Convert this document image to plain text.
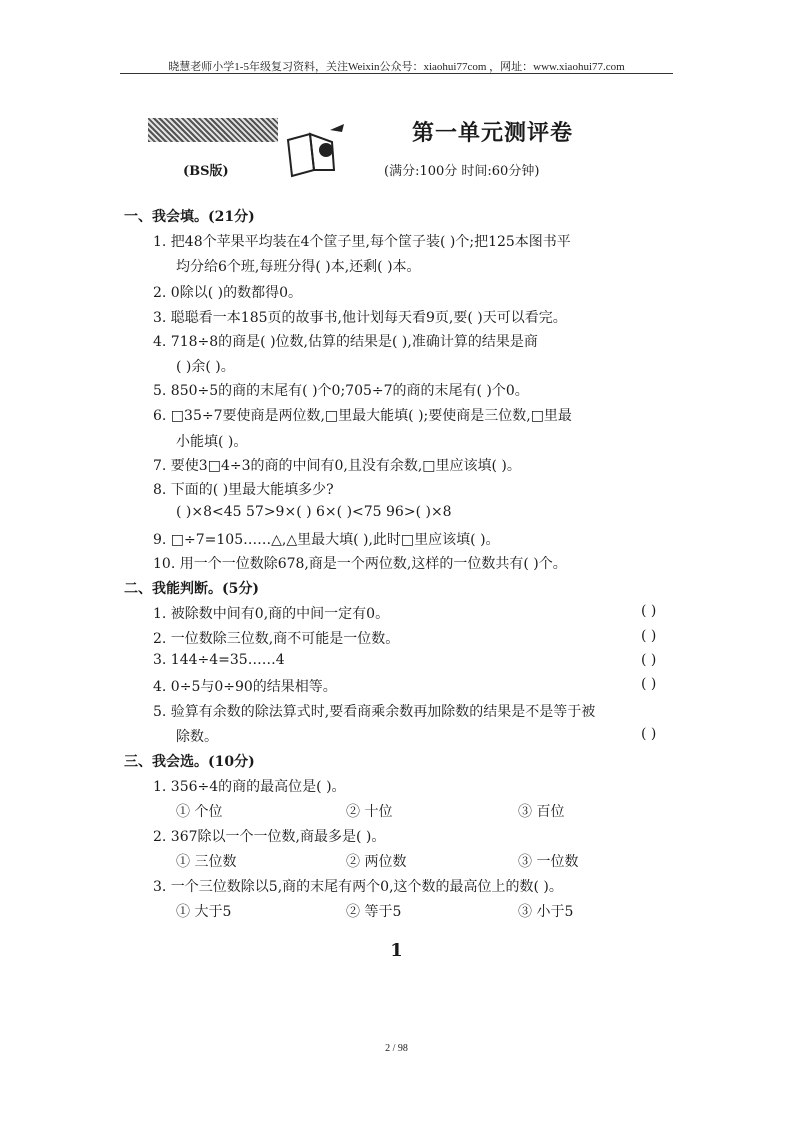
晓慧老师小学1-5年级复习资料，关注Weixin公众号：xiaohui77com ，网址：www.xiaohui77.com
(BS版)
第一单元测评卷
(满分:100分 时间:60分钟)
一、我会填。(21分)
1. 把48个苹果平均装在4个筐子里,每个筐子装( )个;把125本图书平
均分给6个班,每班分得( )本,还剩( )本。
2. 0除以( )的数都得0。
3. 聪聪看一本185页的故事书,他计划每天看9页,要( )天可以看完。
4. 718÷8的商是( )位数,估算的结果是( ),准确计算的结果是商
( )余( )。
5. 850÷5的商的末尾有( )个0;705÷7的商的末尾有( )个0。
6. □35÷7要使商是两位数,□里最大能填( );要使商是三位数,□里最
小能填( )。
7. 要使3□4÷3的商的中间有0,且没有余数,□里应该填( )。
8. 下面的( )里最大能填多少?
( )×8<45 57>9×( ) 6×( )<75 96>( )×8
9. □÷7=105……△,△里最大填( ),此时□里应该填( )。
10. 用一个一位数除678,商是一个两位数,这样的一位数共有( )个。
二、我能判断。(5分)
1. 被除数中间有0,商的中间一定有0。	( )
2. 一位数除三位数,商不可能是一位数。	( )
3. 144÷4=35……4	( )
4. 0÷5与0÷90的结果相等。	( )
5. 验算有余数的除法算式时,要看商乘余数再加除数的结果是不是等于被
除数。	( )
三、我会选。(10分)
1. 356÷4的商的最高位是( )。
① 个位	② 十位	③ 百位
2. 367除以一个一位数,商最多是( )。
① 三位数	② 两位数	③ 一位数
3. 一个三位数除以5,商的末尾有两个0,这个数的最高位上的数( )。
① 大于5	② 等于5	③ 小于5
1
2 / 98
